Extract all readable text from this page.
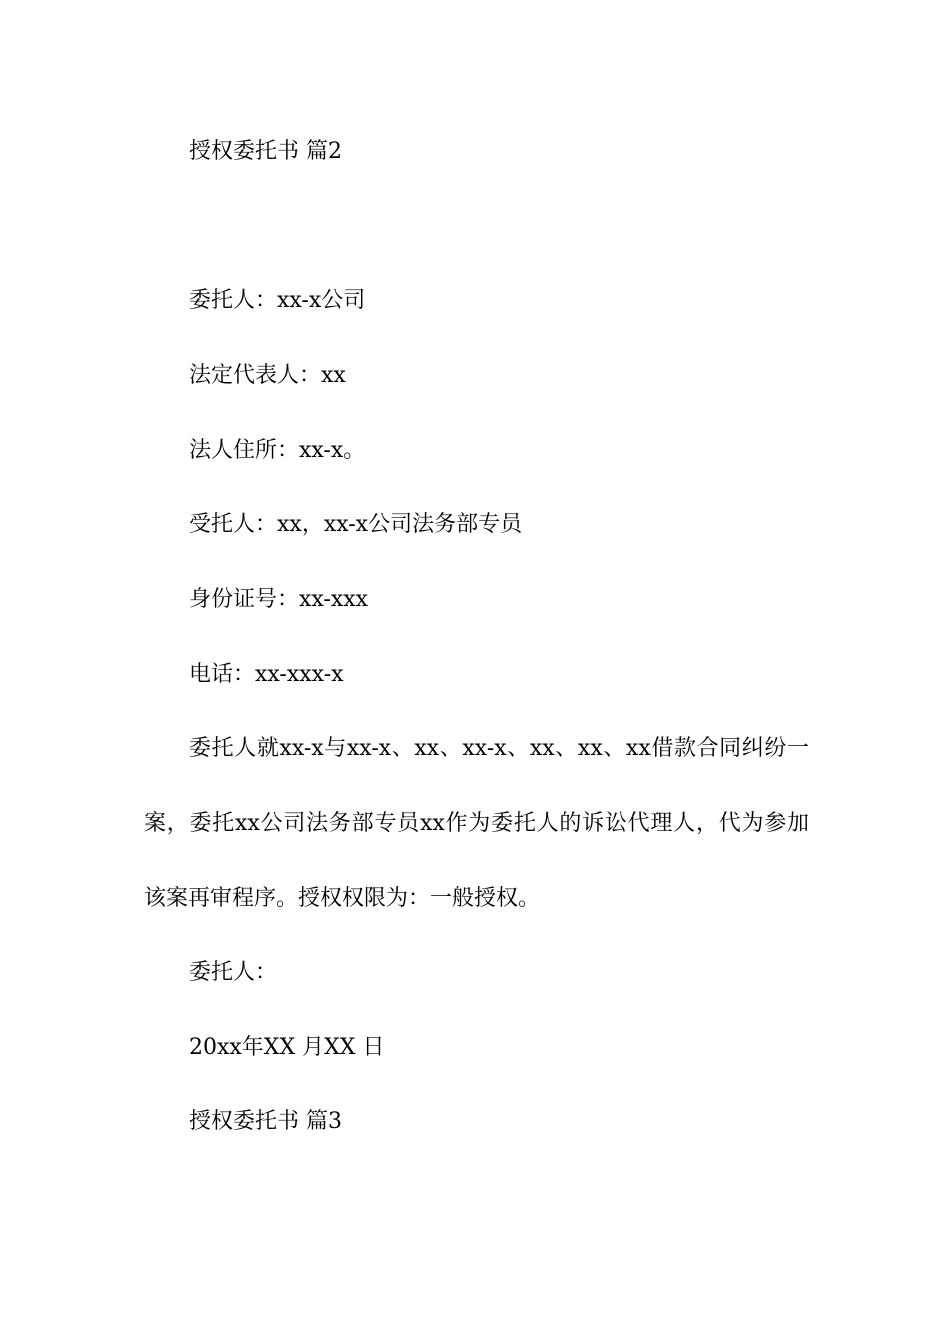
授权委托书 篇2
委托人：xx-x公司
法定代表人：xx
法人住所：xx-x。
受托人：xx，xx-x公司法务部专员
身份证号：xx-xxx
电话：xx-xxx-x
委托人就xx-x与xx-x、xx、xx-x、xx、xx、xx借款合同纠纷一案，委托xx公司法务部专员xx作为委托人的诉讼代理人，代为参加该案再审程序。授权权限为：一般授权。
委托人：
20xx年XX 月XX 日
授权委托书 篇3
